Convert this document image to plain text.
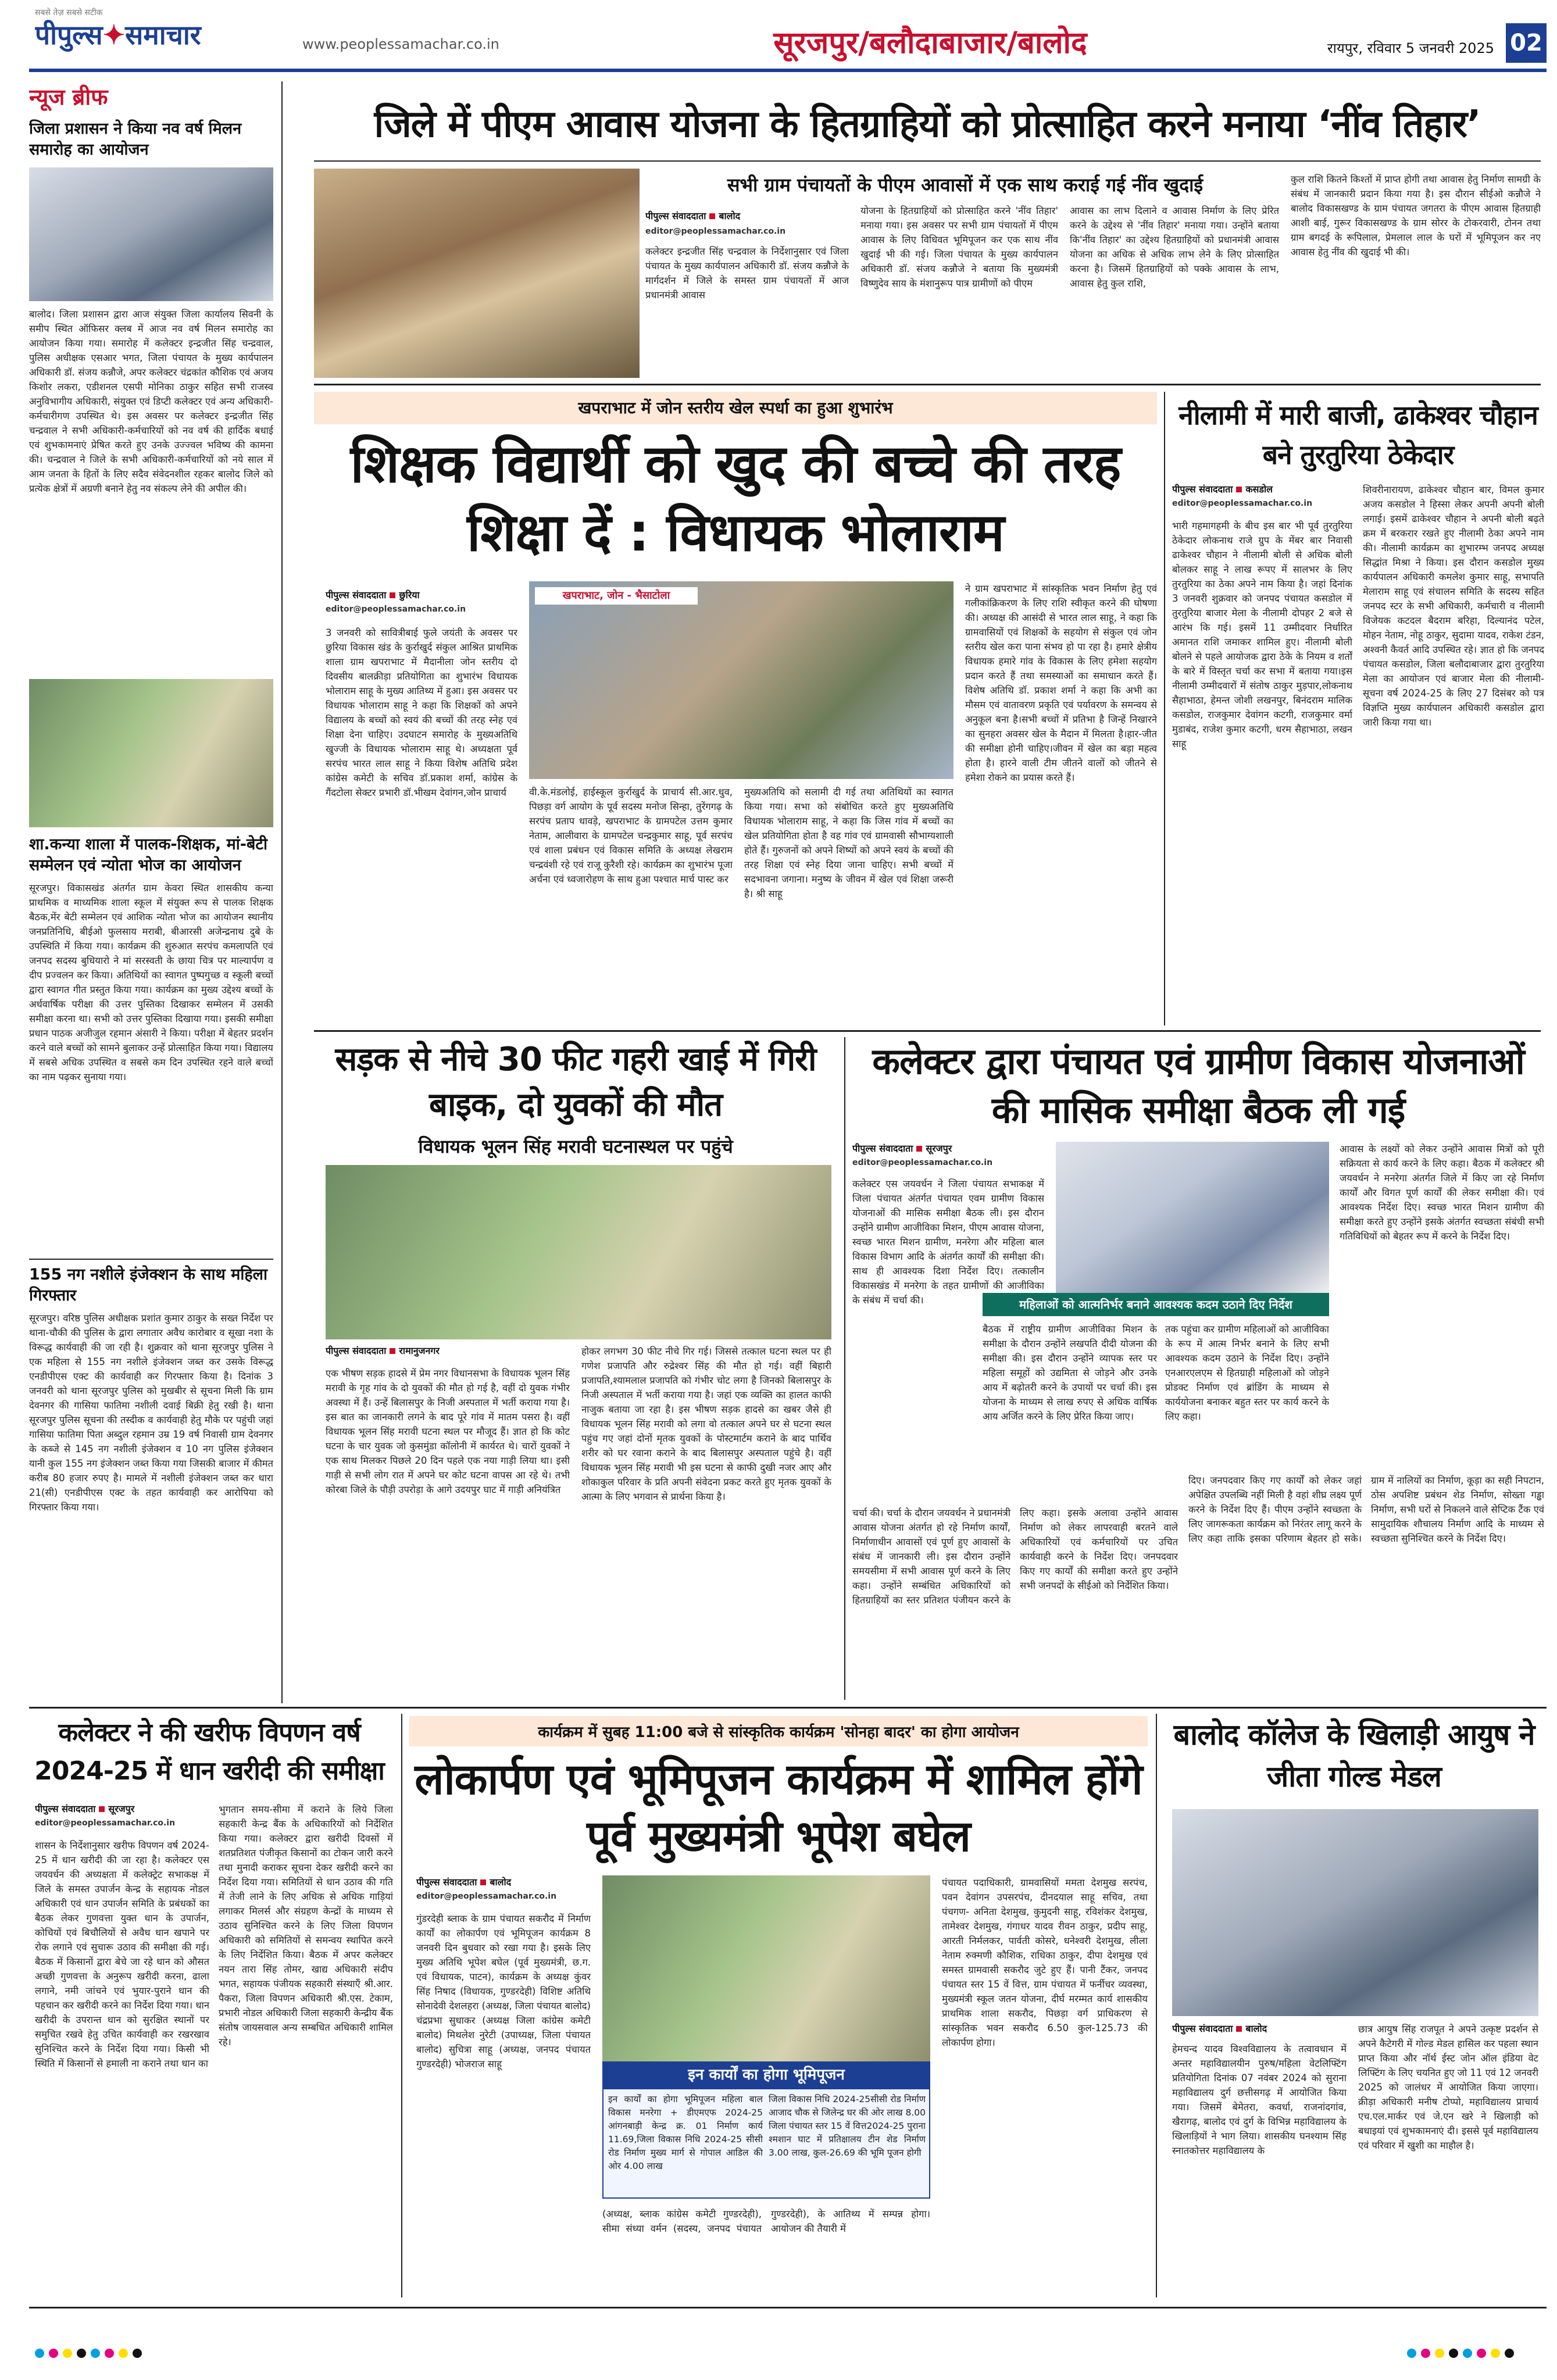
पीपुल्स✦समाचार
सबसे तेज़ सबसे सटीक
www.peoplessamachar.co.in	सूरजपुर/बलौदाबाजार/बालोद	रायपुर, रविवार 5 जनवरी 2025 02
न्यूज ब्रीफ
जिला प्रशासन ने किया नव वर्ष मिलन समारोह का आयोजन
बालोद। जिला प्रशासन द्वारा आज संयुक्त जिला कार्यालय सिवनी के समीप स्थित ऑफिसर क्लब में आज नव वर्ष मिलन समारोह का आयोजन किया गया। समारोह में कलेक्टर इन्द्रजीत सिंह चन्द्रवाल, पुलिस अधीक्षक एसआर भगत, जिला पंचायत के मुख्य कार्यपालन अधिकारी डॉ. संजय कन्नौजे, अपर कलेक्टर चंद्रकांत कौशिक एवं अजय किशोर लकरा, एडीशनल एसपी मोनिका ठाकुर सहित सभी राजस्व अनुविभागीय अधिकारी, संयुक्त एवं डिप्टी कलेक्टर एवं अन्य अधिकारी-कर्मचारीगण उपस्थित थे। इस अवसर पर कलेक्टर इन्द्रजीत सिंह चन्द्रवाल ने सभी अधिकारी-कर्मचारियों को नव वर्ष की हार्दिक बधाई एवं शुभकामनाएं प्रेषित करते हुए उनके उज्ज्वल भविष्य की कामना की। चन्द्रवाल ने जिले के सभी अधिकारी-कर्मचारियों को नये साल में आम जनता के हितों के लिए सदैव संवेदनशील रहकर बालोद जिले को प्रत्येक क्षेत्रों में अग्रणी बनाने हेतु नव संकल्प लेने की अपील की।
शा.कन्या शाला में पालक-शिक्षक, मां-बेटी सम्मेलन एवं न्योता भोज का आयोजन
सूरजपुर। विकासखंड अंतर्गत ग्राम केवरा स्थित शासकीय कन्या प्राथमिक व माध्यमिक शाला स्कूल में संयुक्त रूप से पालक शिक्षक बैठक,मेंर बेटी सम्मेलन एवं आशिक न्योता भोज का आयोजन स्थानीय जनप्रतिनिधि, बीईओ फुलसाय मराबी, बीआरसी अजेन्द्रनाथ दुबे के उपस्थिति में किया गया। कार्यक्रम की शुरुआत सरपंच कमलापति एवं जनपद सदस्य बुधियारो ने मां सरस्वती के छाया चित्र पर माल्यार्पण व दीप प्रज्वलन कर किया। अतिथियों का स्वागत पुष्पगुच्छ व स्कूली बच्चों द्वारा स्वागत गीत प्रस्तुत किया गया। कार्यक्रम का मुख्य उद्देश्य बच्चों के अर्धवार्षिक परीक्षा की उत्तर पुस्तिका दिखाकर सम्मेलन में उसकी समीक्षा करना था। सभी को उत्तर पुस्तिका दिखाया गया। इसकी समीक्षा प्रधान पाठक अजीजुल रहमान अंसारी ने किया। परीक्षा में बेहतर प्रदर्शन करने वाले बच्चों को सामने बुलाकर उन्हें प्रोत्साहित किया गया। विद्यालय में सबसे अधिक उपस्थित व सबसे कम दिन उपस्थित रहने वाले बच्चों का नाम पढ़कर सुनाया गया।
155 नग नशीले इंजेक्शन के साथ महिला गिरफ्तार
सूरजपुर। वरिष्ठ पुलिस अधीक्षक प्रशांत कुमार ठाकुर के सख्त निर्देश पर थाना-चौकी की पुलिस के द्वारा लगातार अवैध कारोबार व सूखा नशा के विरूद्ध कार्यवाही की जा रही है। शुक्रवार को थाना सूरजपुर पुलिस ने एक महिला से 155 नग नशीले इंजेक्शन जब्त कर उसके विरूद्ध एनडीपीएस एक्ट की कार्यवाही कर गिरफ्तार किया है। दिनांक 3 जनवरी को थाना सूरजपुर पुलिस को मुखबीर से सूचना मिली कि ग्राम देवनगर की गासिया फातिमा नशीली दवाई बिक्री हेतु रखी है। थाना सूरजपुर पुलिस सूचना की तस्दीक व कार्यवाही हेतु मौके पर पहुंची जहां गासिया फातिमा पिता अब्दुल रहमान उम्र 19 वर्ष निवासी ग्राम देवनगर के कब्जे से 145 नग नशीली इंजेक्शन व 10 नग पुलिस इंजेक्शन यानी कुल 155 नग इंजेक्शन जब्त किया गया जिसकी बाजार में कीमत करीब 80 हजार रुपए है। मामले में नशीली इंजेक्शन जब्त कर धारा 21(सी) एनडीपीएस एक्ट के तहत कार्यवाही कर आरोपिया को गिरफ्तार किया गया।
जिले में पीएम आवास योजना के हितग्राहियों को प्रोत्साहित करने मनाया ‘नींव तिहार’
सभी ग्राम पंचायतों के पीएम आवासों में एक साथ कराई गई नींव खुदाई
पीपुल्स संवाददाता बालोद
editor@peoplessamachar.co.in
कलेक्टर इन्द्रजीत सिंह चन्द्रवाल के निर्देशानुसार एवं जिला पंचायत के मुख्य कार्यपालन अधिकारी डॉ. संजय कन्नौजे के मार्गदर्शन में जिले के समस्त ग्राम पंचायतों में आज प्रधानमंत्री आवास
योजना के हितग्राहियों को प्रोत्साहित करने 'नींव तिहार' मनाया गया। इस अवसर पर सभी ग्राम पंचायतों में पीएम आवास के लिए विधिवत भूमिपूजन कर एक साथ नींव खुदाई भी की गई। जिला पंचायत के मुख्य कार्यपालन अधिकारी डॉ. संजय कन्नौजे ने बताया कि मुख्यमंत्री विष्णुदेव साय के मंशानुरूप पात्र ग्रामीणों को पीएम
आवास का लाभ दिलाने व आवास निर्माण के लिए प्रेरित करने के उद्देश्य से 'नींव तिहार' मनाया गया। उन्होंने बताया कि'नींव तिहार' का उद्देश्य हितग्राहियों को प्रधानमंत्री आवास योजना का अधिक से अधिक लाभ लेने के लिए प्रोत्साहित करना है। जिसमें हितग्राहियों को पक्के आवास के लाभ, आवास हेतु कुल राशि,
कुल राशि कितने किश्तों में प्राप्त होगी तथा आवास हेतु निर्माण सामग्री के संबंध में जानकारी प्रदान किया गया है। इस दौरान सीईओ कन्नौजे ने बालोद विकासखण्ड के ग्राम पंचायत जगतरा के पीएम आवास हितग्राही आशी बाई, गुरूर विकासखण्ड के ग्राम सोरर के टोकरवारी, टोनन तथा ग्राम बगदई के रूपिलाल, प्रेमलाल लाल के घरों में भूमिपूजन कर नए आवास हेतु नींव की खुदाई भी की।
खपराभाट में जोन स्तरीय खेल स्पर्धा का हुआ शुभारंभ
शिक्षक विद्यार्थी को खुद की बच्चे की तरह शिक्षा दें : विधायक भोलाराम
पीपुल्स संवाददाता छुरिया
editor@peoplessamachar.co.in
3 जनवरी को सावित्रीबाई फुले जयंती के अवसर पर छुरिया विकास खंड के कुर्राखुर्द संकुल आश्रित प्राथमिक शाला ग्राम खपराभाट में मैदानीला जोन स्तरीय दो दिवसीय बालक्रीड़ा प्रतियोगिता का शुभारंभ विधायक भोलाराम साहू के मुख्य आतिथ्य में हुआ। इस अवसर पर विधायक भोलाराम साहू ने कहा कि शिक्षकों को अपने विद्यालय के बच्चों को स्वयं की बच्चों की तरह स्नेह एवं शिक्षा देना चाहिए। उदघाटन समारोह के मुख्यअतिथि खुज्जी के विधायक भोलाराम साहू थे। अध्यक्षता पूर्व सरपंच भारत लाल साहू ने किया विशेष अतिथि प्रदेश कांग्रेस कमेटी के सचिव डॉ.प्रकाश शर्मा, कांग्रेस के गैंदटोला सेक्टर प्रभारी डॉ.भीखम देवांगन,जोन प्राचार्य
खपराभाट, जोन - भैसाटोला
वी.के.मंडलोई, हाईस्कूल कुर्राखुर्द के प्राचार्य सी.आर.धुव, पिछड़ा वर्ग आयोग के पूर्व सदस्य मनोज सिन्हा, तुरेंगगढ़ के सरपंच प्रताप धावड़े, खपराभाट के ग्रामपटेल उत्तम कुमार नेताम, आलीवारा के ग्रामपटेल चन्द्रकुमार साहू, पूर्व सरपंच एवं शाला प्रबंधन एवं विकास समिति के अध्यक्ष लेखराम चन्द्रवंशी रहे एवं राजू कुरैशी रहे। कार्यक्रम का शुभारंभ पूजा अर्चना एवं ध्वजारोहण के साथ हुआ पश्चात मार्च पास्ट कर
मुख्यअतिथि को सलामी दी गई तथा अतिथियों का स्वागत किया गया। सभा को संबोधित करते हुए मुख्यअतिथि विधायक भोलाराम साहू, ने कहा कि जिस गांव में बच्चों का खेल प्रतियोगिता होता है वह गांव एवं ग्रामवासी सौभाग्यशाली होते हैं। गुरुजनों को अपने शिष्यों को अपने स्वयं के बच्चों की तरह शिक्षा एवं स्नेह दिया जाना चाहिए। सभी बच्चों में सदभावना जगाना। मनुष्य के जीवन में खेल एवं शिक्षा जरूरी है। श्री साहू
ने ग्राम खपराभाट में सांस्कृतिक भवन निर्माण हेतु एवं गलीकांक्रिकरण के लिए राशि स्वीकृत करने की घोषणा की। अध्यक्ष की आसंदी से भारत लाल साहू, ने कहा कि ग्रामवासियों एवं शिक्षकों के सहयोग से संकुल एवं जोन स्तरीय खेल करा पाना संभव हो पा रहा है। हमारे क्षेत्रीय विधायक हमारे गांव के विकास के लिए हमेशा सहयोग प्रदान करते हैं तथा समस्याओं का समाधान करते हैं। विशेष अतिथि डॉ. प्रकाश शर्मा ने कहा कि अभी का मौसम एवं वातावरण प्रकृति एवं पर्यावरण के समन्वय से अनुकूल बना है।सभी बच्चों में प्रतिभा है जिन्हें निखारने का सुनहरा अवसर खेल के मैदान में मिलता है।हार-जीत की समीक्षा होनी चाहिए।जीवन में खेल का बड़ा महत्व होता है। हारने वाली टीम जीतने वालों को जीतने से हमेशा रोकने का प्रयास करते हैं।
नीलामी में मारी बाजी, ढाकेश्वर चौहान बने तुरतुरिया ठेकेदार
पीपुल्स संवाददाता कसडोल
editor@peoplessamachar.co.in
भारी गहमागहमी के बीच इस बार भी पूर्व तुरतुरिया ठेकेदार लोकनाथ राजे ग्रुप के मेंबर बार निवासी ढाकेश्वर चौहान ने नीलामी बोली से अधिक बोली बोलकर साहू ने लाख रूपए में सालभर के लिए तुरतुरिया का ठेका अपने नाम किया है। जहां दिनांक 3 जनवरी शुक्रवार को जनपद पंचायत कसडोल में तुरतुरिया बाजार मेला के नीलामी दोपहर 2 बजे से आरंभ कि गई। इसमें 11 उम्मीदवार निर्धारित अमानत राशि जमाकर शामिल हुए। नीलामी बोली बोलने से पहले आयोजक द्वारा ठेके के नियम व शर्तों के बारे में विस्तृत चर्चा कर सभा में बताया गया।इस नीलामी उम्मीदवारों में संतोष ठाकुर मुड़पार,लोकनाथ सैहाभाठा, हेमन्त जोशी लखनपुर, बिनंदराम मालिक कसडोल, राजकुमार देवांगन कटगी, राजकुमार वर्मा मुडाबंद, राजेश कुमार कटगी, धरम सैहाभाठा, लखन साहू
शिवरीनारायण, ढाकेश्वर चौहान बार, विमल कुमार अजय कसडोल ने हिस्सा लेकर अपनी अपनी बोली लगाई। इसमें ढाकेश्वर चौहान ने अपनी बोली बढ़ते क्रम में बरकरार रखते हुए नीलामी ठेका अपने नाम की। नीलामी कार्यक्रम का शुभारम्भ जनपद अध्यक्ष सिद्धांत मिश्रा ने किया। इस दौरान कसडोल मुख्य कार्यपालन अधिकारी कमलेश कुमार साहू, सभापति मेलाराम साहू एवं संचालन समिति के सदस्य सहित जनपद स्टर के सभी अधिकारी, कर्मचारी व नीलामी विजेयक कटदल बैदराम बरिहा, दिल्यानंद पटेल, मोहन नेताम, नोहू ठाकुर, सुदामा यादव, राकेश टंडन, अश्वनी कैवर्त आदि उपस्थित रहे। ज्ञात हो कि जनपद पंचायत कसडोल, जिला बलौदाबाजार द्वारा तुरतुरिया मेला का आयोजन एवं बाजार मेला की नीलामी-सूचना वर्ष 2024-25 के लिए 27 दिसंबर को पत्र विज्ञप्ति मुख्य कार्यपालन अधिकारी कसडोल द्वारा जारी किया गया था।
सड़क से नीचे 30 फीट गहरी खाई में गिरी बाइक, दो युवकों की मौत
विधायक भूलन सिंह मरावी घटनास्थल पर पहुंचे
पीपुल्स संवाददाता रामानुजनगर
एक भीषण सड़क हादसे में प्रेम नगर विधानसभा के विधायक भूलन सिंह मरावी के गृह गांव के दो युवकों की मौत हो गई है, वहीं दो युवक गंभीर अवस्था में हैं। उन्हें बिलासपुर के निजी अस्पताल में भर्ती कराया गया है। इस बात का जानकारी लगने के बाद पूरे गांव में मातम पसरा है। वहीं विधायक भूलन सिंह मरावी घटना स्थल पर मौजूद हैं। ज्ञात हो कि कोट घटना के चार युवक जो कुसमुंडा कॉलोनी में कार्यरत थे। चारों युवकों ने एक साथ मिलकर पिछले 20 दिन पहले एक नया गाड़ी लिया था। इसी गाड़ी से सभी लोग रात में अपने घर कोट घटना वापस आ रहे थे। तभी कोरबा जिले के पौड़ी उपरोड़ा के आगे उदयपुर घाट में गाड़ी अनियंत्रित
होकर लगभग 30 फीट नीचे गिर गई। जिससे तत्काल घटना स्थल पर ही गणेश प्रजापति और रुद्रेश्वर सिंह की मौत हो गई। वहीं बिहारी प्रजापति,श्यामलाल प्रजापति को गंभीर चोट लगा है जिनको बिलासपुर के निजी अस्पताल में भर्ती कराया गया है। जहां एक व्यक्ति का हालत काफी नाजुक बताया जा रहा है। इस भीषण सड़क हादसे का खबर जैसे ही विधायक भूलन सिंह मरावी को लगा वो तत्काल अपने घर से घटना स्थल पहुंच गए जहां दोनों मृतक युवकों के पोस्टमार्टम कराने के बाद पार्थिव शरीर को घर रवाना कराने के बाद बिलासपुर अस्पताल पहुंचे है। वहीं विधायक भूलन सिंह मरावी भी इस घटना से काफी दुखी नजर आए और शोकाकुल परिवार के प्रति अपनी संवेदना प्रकट करते हुए मृतक युवकों के आत्मा के लिए भगवान से प्रार्थना किया है।
कलेक्टर द्वारा पंचायत एवं ग्रामीण विकास योजनाओं की मासिक समीक्षा बैठक ली गई
पीपुल्स संवाददाता सूरजपुर
editor@peoplessamachar.co.in
कलेक्टर एस जयवर्धन ने जिला पंचायत सभाकक्ष में जिला पंचायत अंतर्गत पंचायत एवम ग्रामीण विकास योजनाओं की मासिक समीक्षा बैठक ली। इस दौरान उन्होंने ग्रामीण आजीविका मिशन, पीएम आवास योजना, स्वच्छ भारत मिशन ग्रामीण, मनरेगा और महिला बाल विकास विभाग आदि के अंतर्गत कार्यों की समीक्षा की। साथ ही आवश्यक दिशा निर्देश दिए। तत्कालीन विकासखंड में मनरेगा के तहत ग्रामीणों की आजीविका के संबंध में चर्चा की।	महिलाओं को आत्मनिर्भर बनाने आवश्यक कदम उठाने दिए निर्देश
आवास के लक्ष्यों को लेकर उन्होंने आवास मित्रों को पूरी सक्रियता से कार्य करने के लिए कहा। बैठक में कलेक्टर श्री जयवर्धन ने मनरेगा अंतर्गत जिले में किए जा रहे निर्माण कार्यों और विगत पूर्ण कार्यों की लेकर समीक्षा की। एवं आवश्यक निर्देश दिए। स्वच्छ भारत मिशन ग्रामीण की समीक्षा करते हुए उन्होंने इसके अंतर्गत स्वच्छता संबंधी सभी गतिविधियों को बेहतर रूप में करने के निर्देश दिए।
बैठक में राष्ट्रीय ग्रामीण आजीविका मिशन के समीक्षा के दौरान उन्होंने लखपति दीदी योजना की समीक्षा की। इस दौरान उन्होंने व्यापक स्तर पर महिला समूहों को उद्यमिता से जोड़ने और उनके आय में बढ़ोतरी करने के उपायों पर चर्चा की। इस योजना के माध्यम से लाख रुपए से अधिक वार्षिक आय अर्जित करने के लिए प्रेरित किया जाए।
तक पहुंचा कर ग्रामीण महिलाओं को आजीविका के रूप में आत्म निर्भर बनाने के लिए सभी आवश्यक कदम उठाने के निर्देश दिए। उन्होंने एनआरएलएम से हितग्राही महिलाओं को जोड़ने प्रोडक्ट निर्माण एवं ब्रांडिंग के माध्यम से कार्ययोजना बनाकर बहुत स्तर पर कार्य करने के लिए कहा।
चर्चा की। चर्चा के दौरान जयवर्धन ने प्रधानमंत्री आवास योजना अंतर्गत हो रहे निर्माण कार्यों, निर्माणाधीन आवासों एवं पूर्ण हुए आवासों के संबंध में जानकारी ली। इस दौरान उन्होंने समयसीमा में सभी आवास पूर्ण करने के लिए कहा। उन्होंने सम्बंधित अधिकारियों को हितग्राहियों का स्तर प्रतिशत पंजीयन करने के लिए कहा। इसके अलावा उन्होंने आवास निर्माण को लेकर लापरवाही बरतने वाले अधिकारियों एवं कर्मचारियों पर उचित कार्यवाही करने के निर्देश दिए। जनपदवार किए गए कार्यों की समीक्षा करते हुए उन्होंने सभी जनपदों के सीईओ को निर्देशित किया।
दिए। जनपदवार किए गए कार्यों को लेकर जहां अपेक्षित उपलब्धि नहीं मिली है वहां शीघ्र लक्ष्य पूर्ण करने के निर्देश दिए हैं। पीएम उन्होंने स्वच्छता के लिए जागरूकता कार्यक्रम को निरंतर लागू करने के लिए कहा ताकि इसका परिणाम बेहतर हो सके। ग्राम में नालियों का निर्माण, कूड़ा का सही निपटान, ठोस अपशिष्ट प्रबंधन शेड निर्माण, सोख्ता गड्ढा निर्माण, सभी घरों से निकलने वाले सेप्टिक टैंक एवं सामुदायिक शौचालय निर्माण आदि के माध्यम से स्वच्छता सुनिश्चित करने के निर्देश दिए।
कलेक्टर ने की खरीफ विपणन वर्ष 2024-25 में धान खरीदी की समीक्षा
पीपुल्स संवाददाता सूरजपुर
editor@peoplessamachar.co.in
शासन के निर्देशानुसार खरीफ विपणन वर्ष 2024-25 में धान खरीदी की जा रहा है। कलेक्टर एस जयवर्धन की अध्यक्षता में कलेक्ट्रेट सभाकक्ष में जिले के समस्त उपार्जन केन्द्र के सहायक नोडल अधिकारी एवं धान उपार्जन समिति के प्रबंधकों का बैठक लेकर गुणवत्ता युक्त धान के उपार्जन, कोचियों एवं बिचौलियों से अवैध धान खपाने पर रोक लगाने एवं सुचारू उठाव की समीक्षा की गई। बैठक में किसानों द्वारा बेचे जा रहे धान को औसत अच्छी गुणवत्ता के अनुरूप खरीदी करना, ढाला लगाने, नमी जांचने एवं भुयार-पुराने धान की पहचान कर खरीदी करने का निर्देश दिया गया। धान खरीदी के उपरान्त धान को सुरक्षित स्थानों पर समुचित रखवे हेतु उचित कार्यवाही कर रखरखाव सुनिश्चित करने के निर्देश दिया गया। किसी भी स्थिति में किसानों से हमाली ना कराने तथा धान का
भुगतान समय-सीमा में कराने के लिये जिला सहकारी केन्द्र बैंक के अधिकारियों को निर्देशित किया गया। कलेक्टर द्वारा खरीदी दिवसों में शतप्रतिशत पंजीकृत किसानों का टोकन जारी करने तथा मुनादी कराकर सूचना देकर खरीदी करने का निर्देश दिया गया। समितियों से धान उठाव की गति में तेजी लाने के लिए अधिक से अधिक गाड़ियां लगाकर मिलर्स और संग्रहण केन्द्रों के माध्यम से उठाव सुनिश्चित करने के लिए जिला विपणन अधिकारी को समितियों से समन्वय स्थापित करने के लिए निर्देशित किया। बैठक में अपर कलेक्टर नयन तारा सिंह तोमर, खाद्य अधिकारी संदीप भगत, सहायक पंजीयक सहकारी संस्थाएँ श्री.आर. पैकरा, जिला विपणन अधिकारी श्री.एस. टेकाम, प्रभारी नोडल अधिकारी जिला सहकारी केन्द्रीय बैंक संतोष जायसवाल अन्य सम्बधित अधिकारी शामिल रहे।
कार्यक्रम में सुबह 11:00 बजे से सांस्कृतिक कार्यक्रम 'सोनहा बादर' का होगा आयोजन
लोकार्पण एवं भूमिपूजन कार्यक्रम में शामिल होंगे पूर्व मुख्यमंत्री भूपेश बघेल
पीपुल्स संवाददाता बालोद
editor@peoplessamachar.co.in
गुंडरदेही ब्लाक के ग्राम पंचायत सकरौद में निर्माण कार्यों का लोकार्पण एवं भूमिपूजन कार्यक्रम 8 जनवरी दिन बुधवार को रखा गया है। इसके लिए मुख्य अतिथि भूपेश बघेल (पूर्व मुख्यमंत्री, छ.ग. एवं विधायक, पाटन), कार्यक्रम के अध्यक्ष कुंवर सिंह निषाद (विधायक, गुण्डरदेही) विशिष्ट अतिथि सोनादेवी देशलहरा (अध्यक्ष, जिला पंचायत बालोद) चंद्रप्रभा सुधाकर (अध्यक्ष जिला कांग्रेस कमेटी बालोद) मिथलेश नुरेटी (उपाध्यक्ष, जिला पंचायत बालोद) सुचित्रा साहू (अध्यक्ष, जनपद पंचायत गुण्डरदेही) भोजराज साहू
इन कार्यों का होगा भूमिपूजन
इन कार्यों का होगा भूमिपूजन महिला बाल विकास मनरेगा + डीएमएफ 2024-25 आंगनबाड़ी केन्द्र क्र. 01 निर्माण कार्य 11.69,जिला विकास निधि 2024-25 सीसी रोड निर्माण मुख्य मार्ग से गोपाल आडिल की ओर 4.00 लाख
जिला विकास निधि 2024-25सीसी रोड निर्माण आजाद चौक से जिलेन्द्र घर की ओर लाख 8.00 जिला पंचायत स्तर 15 वें वित्त2024-25 पुराना श्मशान घाट में प्रतिक्षालय टीन शेड निर्माण 3.00 लाख, कुल-26.69 की भूमि पूजन होगी
(अध्यक्ष, ब्लाक कांग्रेस कमेटी गुण्डरदेही), सीमा संध्या वर्मन (सदस्य, जनपद पंचायत गुण्डरदेही), के आतिथ्य में सम्पन्न होगा। आयोजन की तैयारी में
पंचायत पदाधिकारी, ग्रामवासियों ममता देशमुख सरपंच, पवन देवांगन उपसरपंच, दीनदयाल साहू सचिव, तथा पंचगण- अनिता देशमुख, कुमुदनी साहू, रविशंकर देशमुख, तामेश्वर देशमुख, गंगाधर यादव रीवन ठाकुर, प्रदीप साहू, आरती निर्मलकर, पार्वती कोसरे, धनेश्वरी देशमुख, लीला नेताम रुक्मणी कौशिक, राधिका ठाकुर, दीपा देशमुख एवं समस्त ग्रामवासी सकरौद जुटे हुए हैं। पानी टैंकर, जनपद पंचायत स्तर 15 वें वित्त, ग्राम पंचायत में फर्नीचर व्यवस्था, मुख्यमंत्री स्कूल जतन योजना, दीर्घ मरम्मत कार्य शासकीय प्राथमिक शाला सकरौद, पिछड़ा वर्ग प्राधिकरण से सांस्कृतिक भवन सकरौद 6.50 कुल-125.73 की लोकार्पण होगा।
बालोद कॉलेज के खिलाड़ी आयुष ने जीता गोल्ड मेडल
पीपुल्स संवाददाता बालोद
हेमचन्द यादव विश्वविद्यालय के तत्वावधान में अन्तर महाविद्यालयीन पुरुष/महिला वेटलिफ्टिंग प्रतियोगिता दिनांक 07 नवंबर 2024 को सुराना महाविद्यालय दुर्ग छत्तीसगढ़ में आयोजित किया गया। जिसमें बेमेतरा, कवर्धा, राजनांदगांव, खैरागढ़, बालोद एवं दुर्ग के विभिन्न महाविद्यालय के खिलाड़ियों ने भाग लिया। शासकीय घनश्याम सिंह स्नातकोत्तर महाविद्यालय के
छात्र आयुष सिंह राजपूत ने अपने उत्कृष्ट प्रदर्शन से अपने कैटेगरी में गोल्ड मेडल हासिल कर पहला स्थान प्राप्त किया और नॉर्थ ईस्ट जोन ऑल इंडिया वेट लिफ्टिंग के लिए चयनित हुए जो 11 एवं 12 जनवरी 2025 को जालंधर में आयोजित किया जाएगा। क्रीड़ा अधिकारी मनीष टोप्पो, महाविद्यालय प्राचार्य एच.एल.मार्कर एवं जे.एन खरे ने खिलाड़ी को बधाइयां एवं शुभकामनाएं दी। इससे पूर्व महाविद्यालय एवं परिवार में खुशी का माहौल है।
